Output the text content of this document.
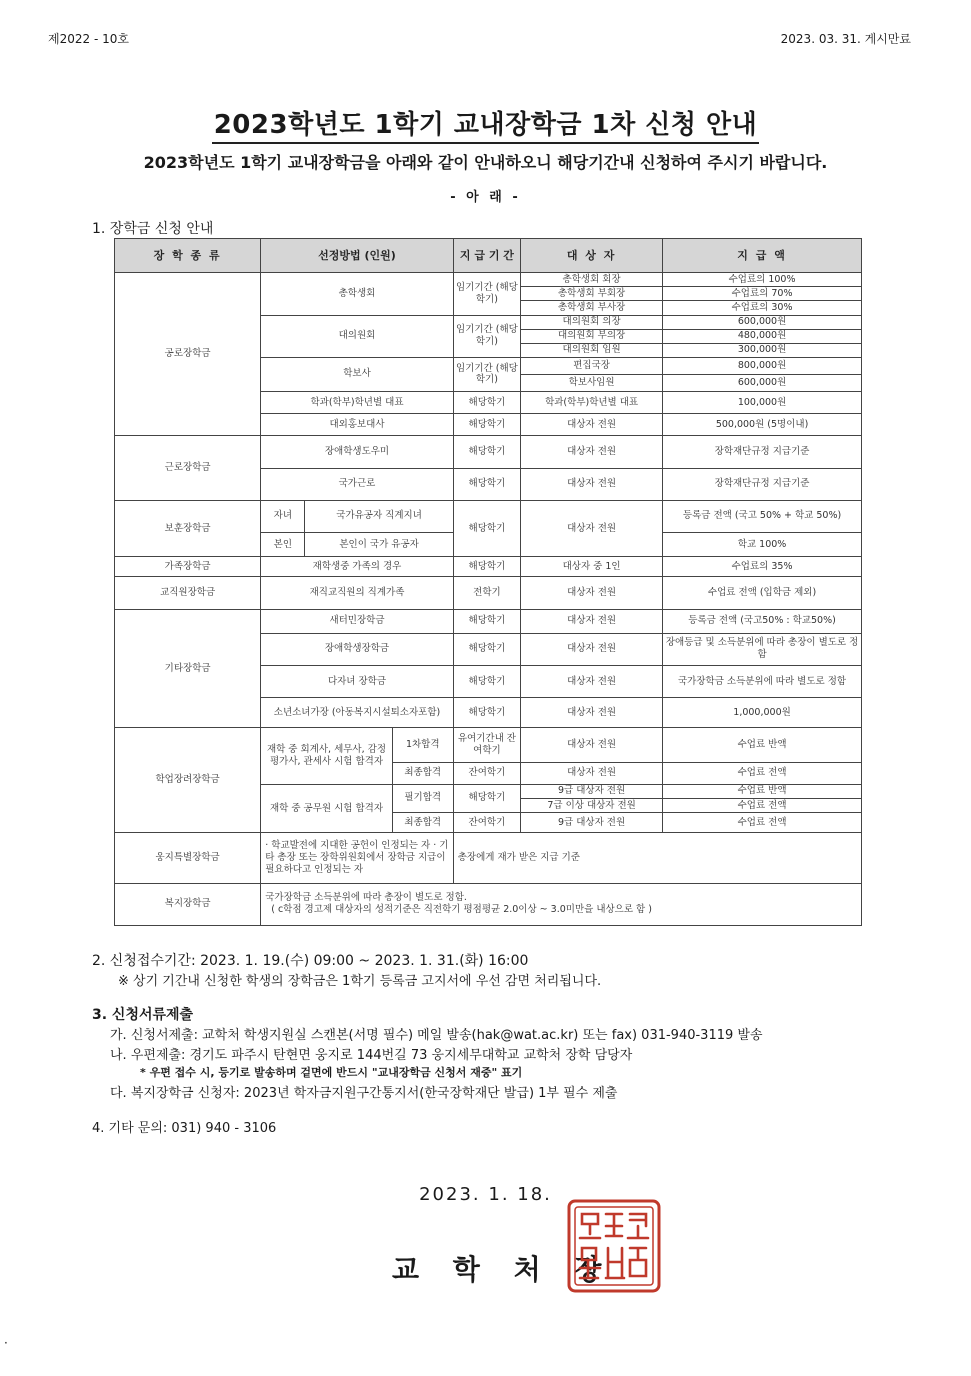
제2022 - 10호	2023. 03. 31. 게시만료
2023학년도 1학기 교내장학금 1차 신청 안내
2023학년도 1학기 교내장학금을 아래와 같이 안내하오니 해당기간내 신청하여 주시기 바랍니다.
- 아 래 -
1. 장학금 신청 안내
장 학 종 류	선정방법 (인원)			지 급 기 간	대 상 자	지 급 액
공로장학금	총학생회			임기기간 (해당학기)	총학생회 회장	수업료의 100%
					총학생회 부회장	수업료의 70%
					총학생회 부사장	수업료의 30%
	대의원회			임기기간 (해당학기)	대의원회 의장	600,000원
					대의원회 부의장	480,000원
					대의원회 임원	300,000원
	학보사			임기기간 (해당학기)	편집국장	800,000원
					학보사임원	600,000원
	학과(학부)학년별 대표			해당학기	학과(학부)학년별 대표	100,000원
	대외홍보대사			해당학기	대상자 전원	500,000원 (5명이내)
근로장학금	장애학생도우미			해당학기	대상자 전원	장학재단규정 지급기준
	국가근로			해당학기	대상자 전원	장학재단규정 지급기준
보훈장학금	자녀	국가유공자 직계지녀		해당학기	대상자 전원	등록금 전액 (국고 50% + 학교 50%)
	본인	본인이 국가 유공자				학교 100%
가족장학금	재학생중 가족의 경우			해당학기	대상자 중 1인	수업료의 35%
교직원장학금	재직교직원의 직계가족			전학기	대상자 전원	수업료 전액 (입학금 제외)
기타장학금	새터민장학금			해당학기	대상자 전원	등록금 전액 (국고50% : 학교50%)
	장애학생장학금			해당학기	대상자 전원	장애등급 및 소득분위에 따라 총장이 별도로 정함
	다자녀 장학금			해당학기	대상자 전원	국가장학금 소득분위에 따라 별도로 정함
	소년소녀가장 (아동복지시설퇴소자포함)			해당학기	대상자 전원	1,000,000원
학업장려장학금	재학 중 회계사, 세무사, 감정평가사, 관세사 시험 합격자		1차합격	유여기간내 잔여학기	대상자 전원	수업료 반액
			최종합격	잔여학기	대상자 전원	수업료 전액
	재학 중 공무원 시험 합격자		필기합격	해당학기	9급 대상자 전원	수업료 반액
					7급 이상 대상자 전원	수업료 전액
			최종합격	잔여학기	9급 대상자 전원	수업료 전액
웅지특별장학금	· 학교발전에 지대한 공헌이 인정되는 자 · 기타 총장 또는 장학위원회에서 장학금 지급이 필요하다고 인정되는 자			총장에게 재가 받은 지급 기준		
복지장학금	국가장학금 소득분위에 따라 총장이 별도로 정함.
( c학점 경고제 대상자의 성적기준은 직전학기 평점평균 2.0이상 ~ 3.0미만을 내상으로 함 )					
2. 신청접수기간: 2023. 1. 19.(수) 09:00 ~ 2023. 1. 31.(화) 16:00
※ 상기 기간내 신청한 학생의 장학금은 1학기 등록금 고지서에 우선 감면 처리됩니다.
3. 신청서류제출
가. 신청서제출: 교학처 학생지원실 스캔본(서명 필수) 메일 발송(hak@wat.ac.kr) 또는 fax) 031-940-3119 발송
나. 우편제출: 경기도 파주시 탄현면 웅지로 144번길 73 웅지세무대학교 교학처 장학 담당자
* 우편 접수 시, 등기로 발송하며 겉면에 반드시 "교내장학금 신청서 재중" 표기
다. 복지장학금 신청자: 2023년 학자금지원구간통지서(한국장학재단 발급) 1부 필수 제출
4. 기타 문의: 031) 940 - 3106
2023. 1. 18.
교 학 처 장
·
